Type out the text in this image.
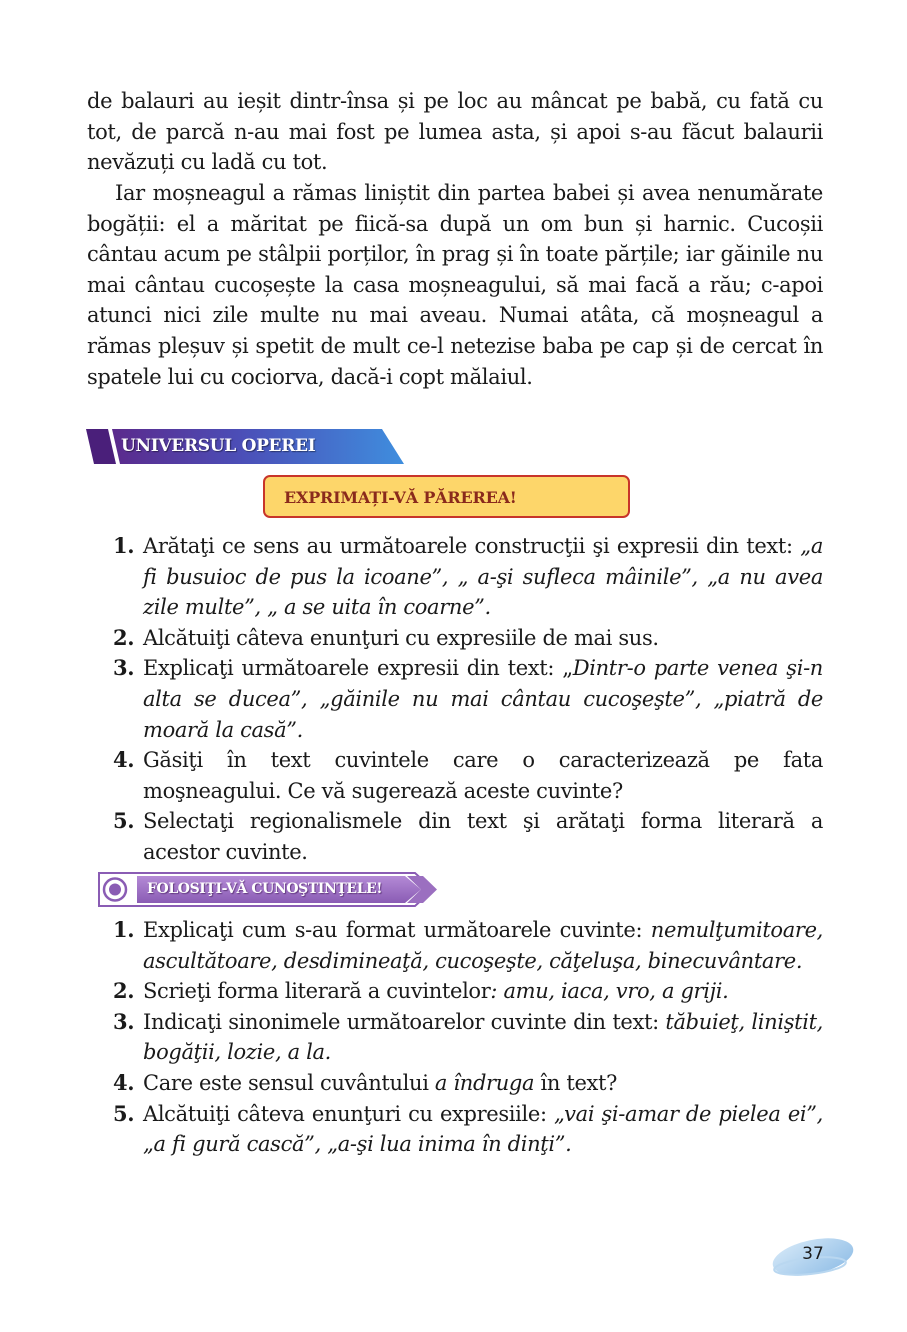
de balauri au ieșit dintr-însa și pe loc au mâncat pe babă, cu fată cu tot, de parcă n-au mai fost pe lumea asta, și apoi s-au făcut balaurii nevăzuți cu ladă cu tot.

Iar moșneagul a rămas liniștit din partea babei și avea nenumărate bogății: el a măritat pe fiică-sa după un om bun și harnic. Cucoșii cântau acum pe stâlpii porților, în prag și în toate părțile; iar găinile nu mai cântau cucoșește la casa moșneagului, să mai facă a rău; c-apoi atunci nici zile multe nu mai aveau. Numai atâta, că moșneagul a rămas pleșuv și spetit de mult ce-l netezise baba pe cap și de cercat în spatele lui cu cociorva, dacă-i copt mălaiul.

UNIVERSUL OPEREI
EXPRIMAȚI-VĂ PĂREREA!
1. Arătaţi ce sens au următoarele construcţii şi expresii din text: „a fi busuioc de pus la icoane”, „ a-şi sufleca mâinile”, „a nu avea zile multe”, „ a se uita în coarne”.
2. Alcătuiţi câteva enunţuri cu expresiile de mai sus.
3. Explicaţi următoarele expresii din text: „Dintr-o parte venea şi-n alta se ducea”, „găinile nu mai cântau cucoşeşte”, „piatră de moară la casă”.
4. Găsiţi în text cuvintele care o caracterizează pe fata moşneagului. Ce vă sugerează aceste cuvinte?
5. Selectaţi regionalismele din text şi arătaţi forma literară a acestor cuvinte.
FOLOSIŢI-VĂ CUNOŞTINŢELE!
1. Explicaţi cum s-au format următoarele cuvinte: nemulţumitoare, ascultătoare, desdimineaţă, cucoşeşte, căţeluşa, binecuvântare.
2. Scrieţi forma literară a cuvintelor: amu, iaca, vro, a griji.
3. Indicaţi sinonimele următoarelor cuvinte din text: tăbuieţ, liniştit, bogăţii, lozie, a la.
4. Care este sensul cuvântului a îndruga în text?
5. Alcătuiţi câteva enunţuri cu expresiile: „vai şi-amar de pielea ei”, „a fi gură cască”, „a-şi lua inima în dinţi”.
37
